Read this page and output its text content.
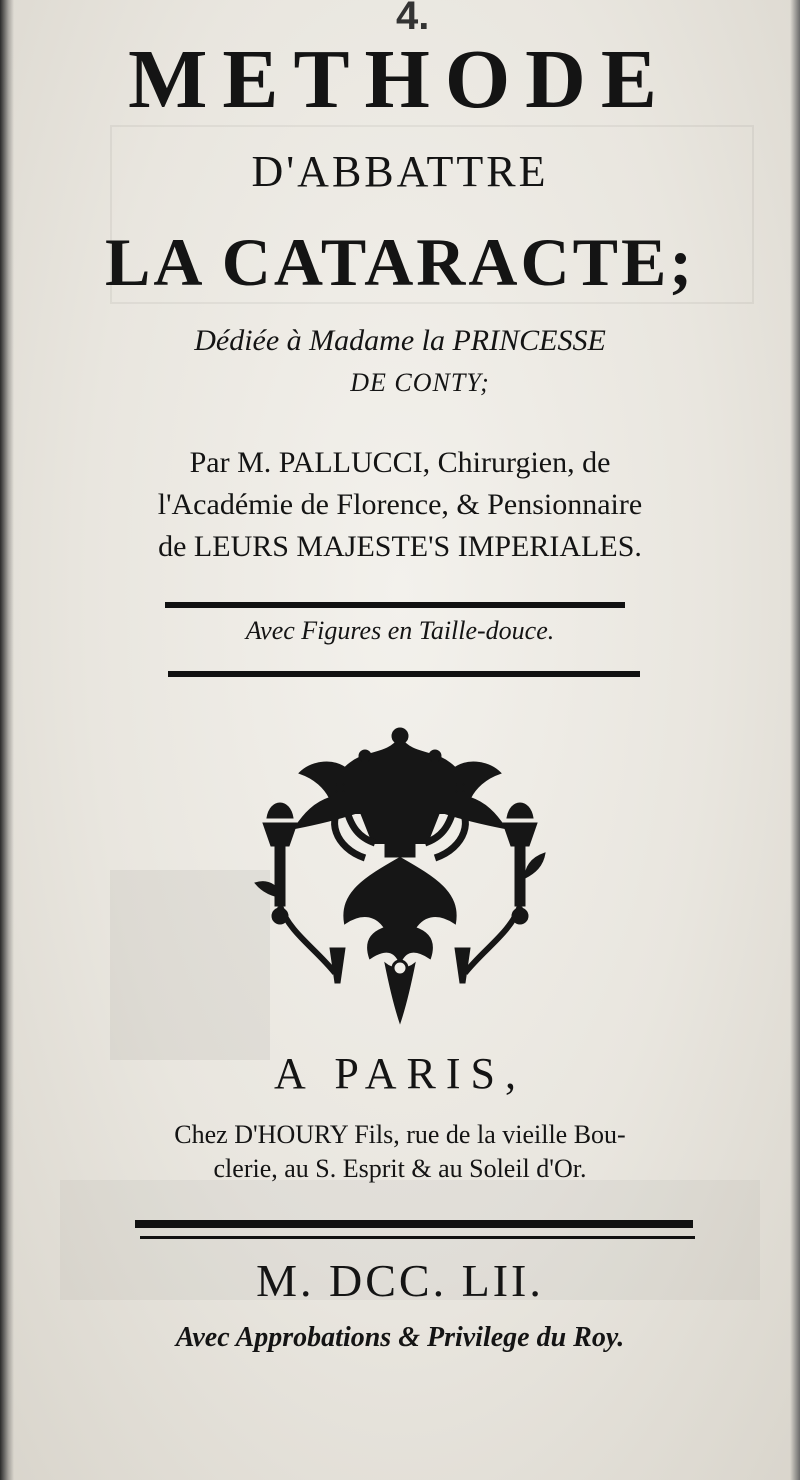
4.
METHODE
D'ABBATTRE
LA CATARACTE;
Dédiée à Madame la PRINCESSE
DE CONTY;
Par M. PALLUCCI, Chirurgien, de
l'Académie de Florence, & Pensionnaire
de LEURS MAJESTE'S IMPERIALES.
Avec Figures en Taille-douce.
A PARIS,
Chez D'HOURY Fils, rue de la vieille Bou-
clerie, au S. Esprit & au Soleil d'Or.
M. DCC. LII.
Avec Approbations & Privilege du Roy.
